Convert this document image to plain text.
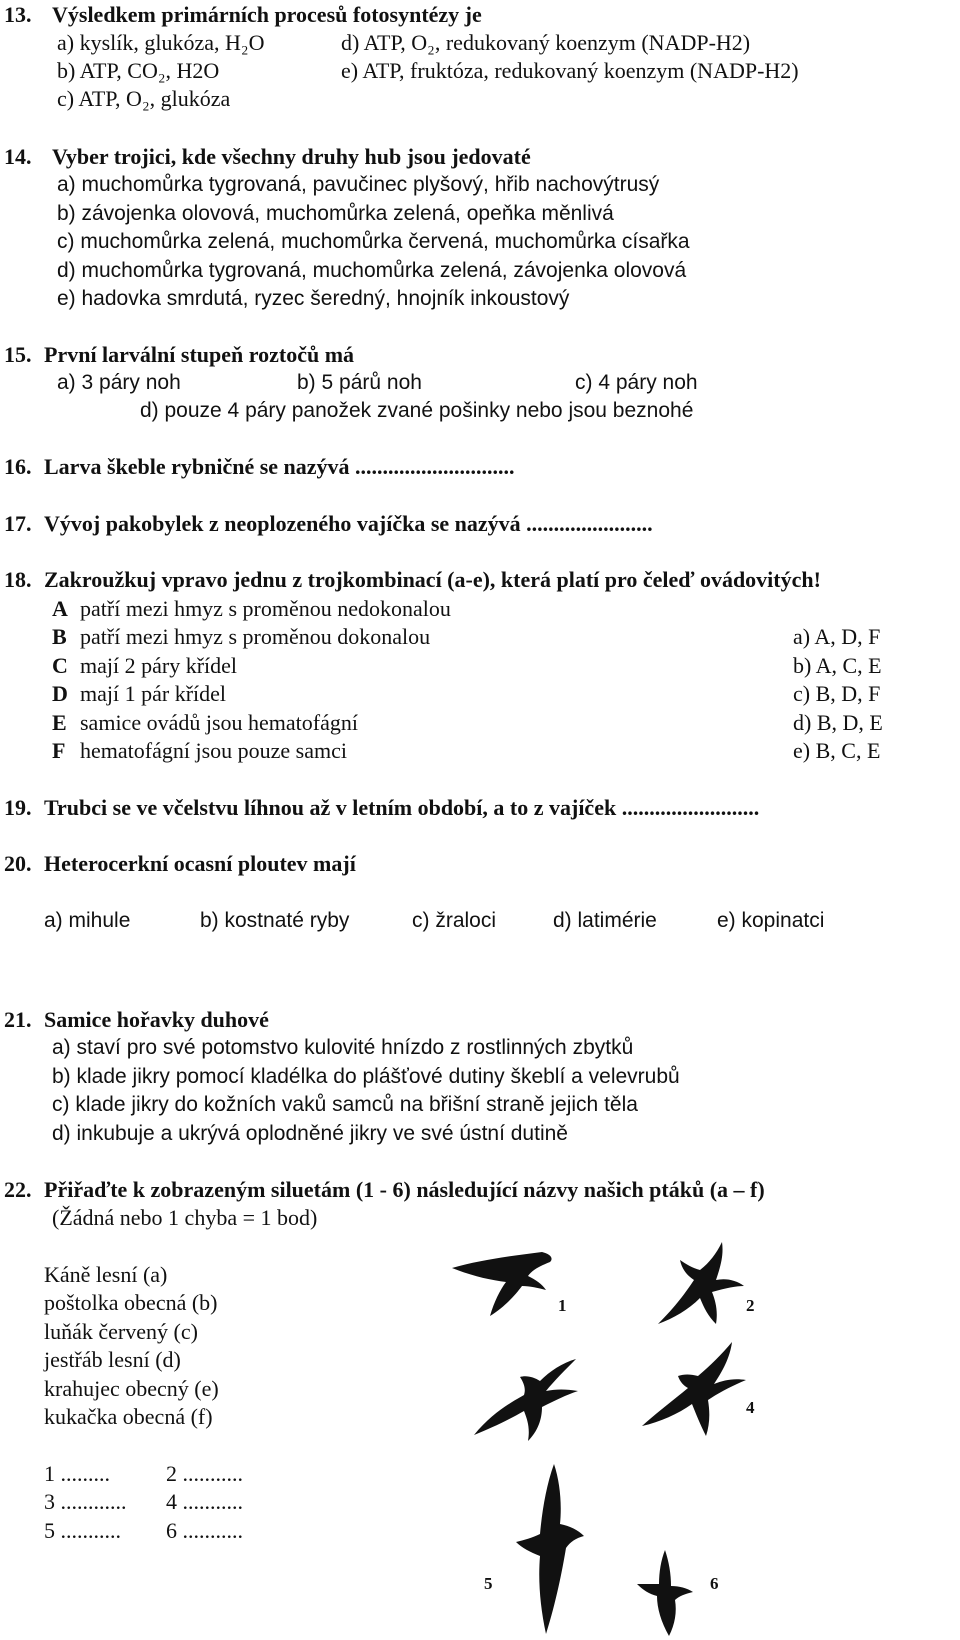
13. Výsledkem primárních procesů fotosyntézy je
a) kyslík, glukóza, H₂O	d) ATP, O₂, redukovaný koenzym (NADP-H2)
b) ATP, CO₂, H2O	e) ATP, fruktóza, redukovaný koenzym (NADP-H2)
c) ATP, O₂, glukóza
14. Vyber trojici, kde všechny druhy hub jsou jedovaté
a) muchomůrka tygrovaná, pavučinec plyšový, hřib nachovýtrusý
b) závojenka olovová, muchomůrka zelená, opeňka měnlivá
c) muchomůrka zelená, muchomůrka červená, muchomůrka císařka
d) muchomůrka tygrovaná, muchomůrka zelená, závojenka olovová
e) hadovka smrdutá, ryzec šeredný, hnojník inkoustový
15. První larvální stupeň roztočů má
a) 3 páry noh	b) 5 párů noh	c) 4 páry noh
d) pouze 4 páry panožek zvané pošinky nebo jsou beznohé
16. Larva škeble rybničné se nazývá .............................
17. Vývoj pakobylek z neoplozeného vajíčka se nazývá .......................
18. Zakroužkuj vpravo jednu z trojkombinací (a-e), která platí pro čeleď ovádovitých!
A patří mezi hmyz s proměnou nedokonalou
B patří mezi hmyz s proměnou dokonalou
C mají 2 páry křídel
D mají 1 pár křídel
E samice ovádů jsou hematofágní
F hematofágní jsou pouze samci
a) A, D, F
b) A, C, E
c) B, D, F
d) B, D, E
e) B, C, E
19. Trubci se ve včelstvu líhnou až v letním období, a to z vajíček .........................
20. Heterocerkní ocasní ploutev mají
a) mihule	b) kostnaté ryby	c) žraloci	d) latimérie	e) kopinatci
21. Samice hořavky duhové
a) staví pro své potomstvo kulovité hnízdo z rostlinných zbytků
b) klade jikry pomocí kladélka do plášťové dutiny škeblí a velevrubů
c) klade jikry do kožních vaků samců na břišní straně jejich těla
d) inkubuje a ukrývá oplodněné jikry ve své ústní dutině
22. Přiřaďte k zobrazeným siluetám (1 - 6) následující názvy našich ptáků (a – f)
(Žádná nebo 1 chyba = 1 bod)
Káně lesní (a)
poštolka obecná (b)
luňák červený (c)
jestřáb lesní (d)
krahujec obecný (e)
kukačka obecná (f)
1 .........	2 ...........
3 ............ 4 ...........
5 ........... 6 ...........
1	2
4
5	6
